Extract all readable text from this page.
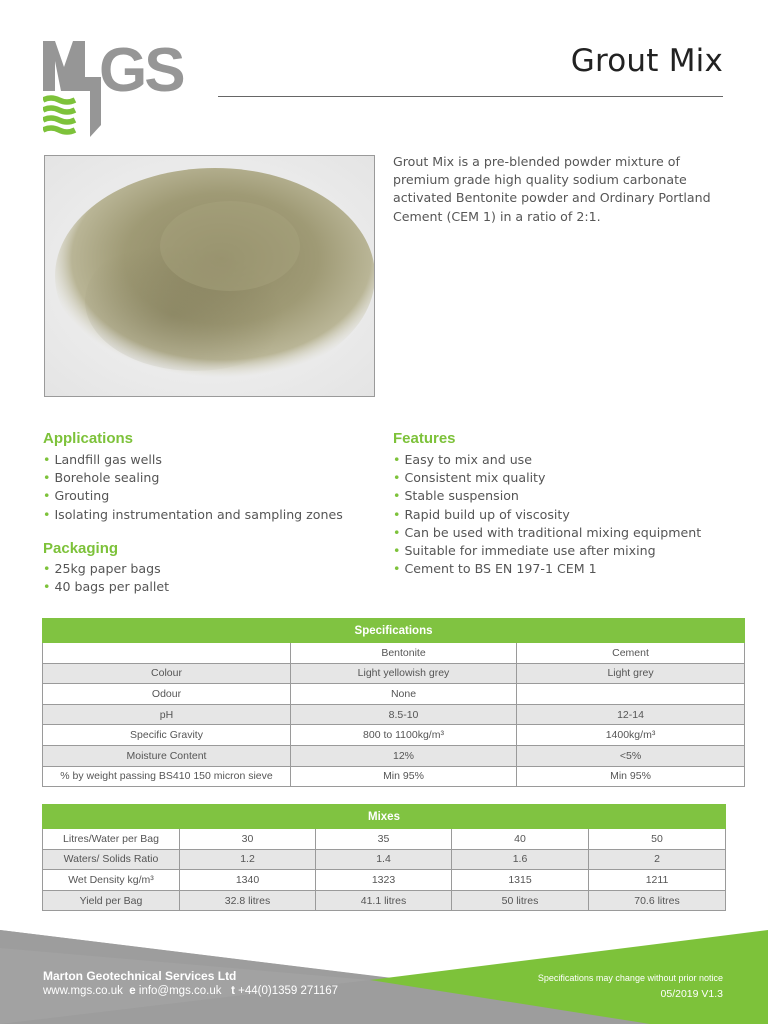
GS	Grout Mix

Grout Mix is a pre-blended powder mixture of premium grade high quality sodium carbonate activated Bentonite powder and Ordinary Portland Cement (CEM 1) in a ratio of 2:1.

Applications
• Landfill gas wells
• Borehole sealing
• Grouting
• Isolating instrumentation and sampling zones
Packaging
• 25kg paper bags
• 40 bags per pallet
Features
• Easy to mix and use
• Consistent mix quality
• Stable suspension
• Rapid build up of viscosity
• Can be used with traditional mixing equipment
• Suitable for immediate use after mixing
• Cement to BS EN 197-1 CEM 1
Specifications		
	Bentonite	Cement
Colour	Light yellowish grey	Light grey
Odour	None	
pH	8.5-10	12-14
Specific Gravity	800 to 1100kg/m³	1400kg/m³
Moisture Content	12%	<5%
% by weight passing BS410 150 micron sieve	Min 95%	Min 95%
Mixes				
Litres/Water per Bag	30	35	40	50
Waters/ Solids Ratio	1.2	1.4	1.6	2
Wet Density kg/m³	1340	1323	1315	1211
Yield per Bag	32.8 litres	41.1 litres	50 litres	70.6 litres
Marton Geotechnical Services Ltd
www.mgs.co.uk e info@mgs.co.uk t +44(0)1359 271167
Specifications may change without prior notice
05/2019 V1.3
